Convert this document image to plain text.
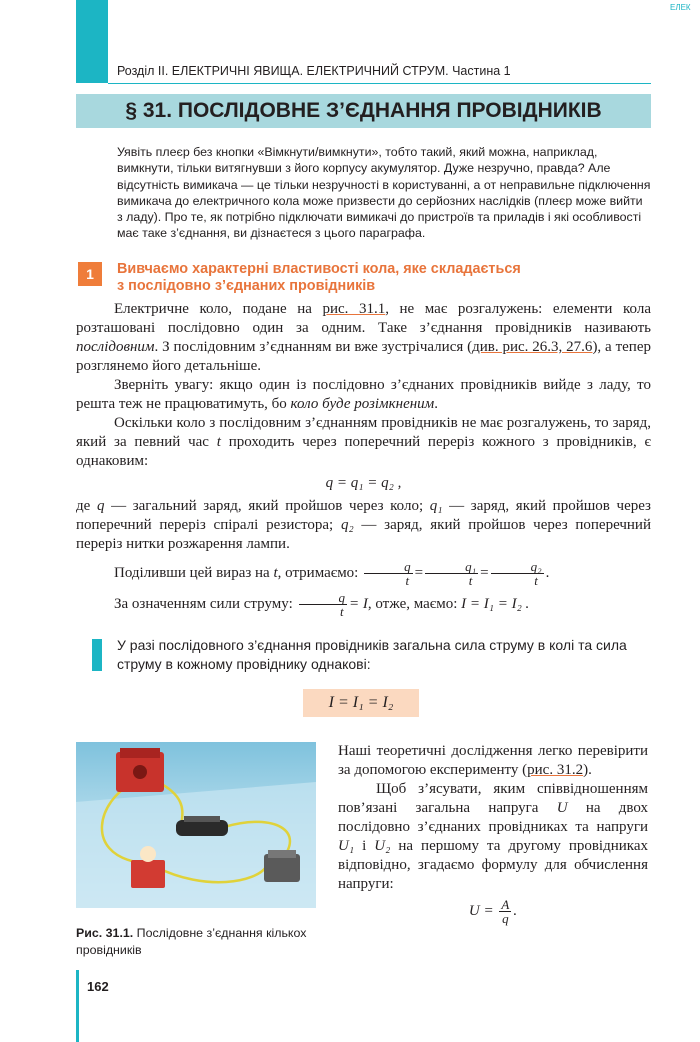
ЕЛЕК
Розділ II. ЕЛЕКТРИЧНІ ЯВИЩА. ЕЛЕКТРИЧНИЙ СТРУМ. Частина 1
§ 31. ПОСЛІДОВНЕ З’ЄДНАННЯ ПРОВІДНИКІВ

Уявіть плеєр без кнопки «Вімкнути/вимкнути», тобто такий, який можна, наприклад, вимкнути, тільки витягнувши з його корпусу акумулятор. Дуже незручно, правда? Але відсутність вимикача — це тільки незручності в користуванні, а от неправильне підключення вимикача до електричного кола може призвести до серйозних наслідків (плеєр може вийти з ладу). Про те, як потрібно підключати вимикачі до пристроїв та приладів і які особливості має таке з’єднання, ви дізнаєтеся з цього параграфа.

1	Вивчаємо характерні властивості кола, яке складається
з послідовно з’єднаних провідників

Електричне коло, подане на рис. 31.1, не має розгалужень: елементи кола розташовані послідовно один за одним. Таке з’єднання провідників називають послідовним. З послідовним з’єднанням ви вже зустрічалися (див. рис. 26.3, 27.6), а тепер розглянемо його детальніше.

Зверніть увагу: якщо один із послідовно з’єднаних провідників вийде з ладу, то решта теж не працюватимуть, бо коло буде розімкненим.

Оскільки коло з послідовним з’єднанням провідників не має розгалужень, то заряд, який за певний час t проходить через поперечний переріз кожного з провідників, є однаковим:

q = q₁ = q₂ ,

де q — загальний заряд, який пройшов через коло; q₁ — заряд, який пройшов через поперечний переріз спіралі резистора; q₂ — заряд, який пройшов через поперечний переріз нитки розжарення лампи.

Поділивши цей вираз на t, отримаємо: $\frac{q}{t} = \frac{\text{q₁}}{t} = \frac{\text{q₂}}{t}$ .

За означенням сили струму: $\frac{q}{t} = I$, отже, маємо: I = I₁ = I₂ .

У разі послідовного з’єднання провідників загальна сила струму в колі та сила струму в кожному провіднику однакові:
I = I₁ = I₂
Рис. 31.1. Послідовне з’єднання кількох провідників

Наші теоретичні дослідження легко перевірити за допомогою експерименту (рис. 31.2).

Щоб з’ясувати, яким співвідношенням пов’язані загальна напруга U на двох послідовно з’єднаних провідниках та напруги U₁ і U₂ на першому та другому провідниках відповідно, згадаємо формулу для обчислення напруги:

$U = \frac{A}{q}$ .

162
